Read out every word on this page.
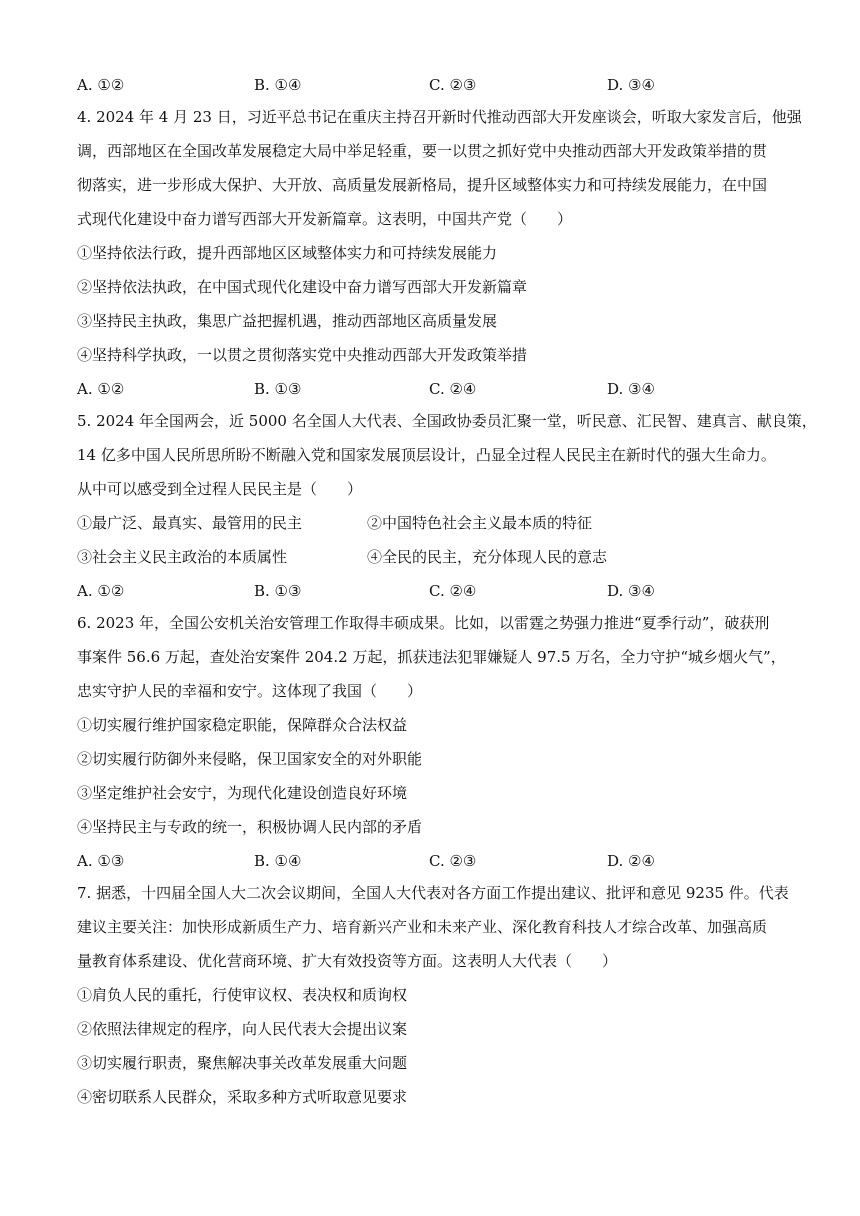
A. ①②	B. ①④	C. ②③	D. ③④
4. 2024 年 4 月 23 日，习近平总书记在重庆主持召开新时代推动西部大开发座谈会，听取大家发言后，他强
调，西部地区在全国改革发展稳定大局中举足轻重，要一以贯之抓好党中央推动西部大开发政策举措的贯
彻落实，进一步形成大保护、大开放、高质量发展新格局，提升区域整体实力和可持续发展能力，在中国
式现代化建设中奋力谱写西部大开发新篇章。这表明，中国共产党（　　）
①坚持依法行政，提升西部地区区域整体实力和可持续发展能力
②坚持依法执政，在中国式现代化建设中奋力谱写西部大开发新篇章
③坚持民主执政，集思广益把握机遇，推动西部地区高质量发展
④坚持科学执政，一以贯之贯彻落实党中央推动西部大开发政策举措
A. ①②	B. ①③	C. ②④	D. ③④
5. 2024 年全国两会，近 5000 名全国人大代表、全国政协委员汇聚一堂，听民意、汇民智、建真言、献良策，
14 亿多中国人民所思所盼不断融入党和国家发展顶层设计，凸显全过程人民民主在新时代的强大生命力。
从中可以感受到全过程人民民主是（　　）
①最广泛、最真实、最管用的民主	②中国特色社会主义最本质的特征
③社会主义民主政治的本质属性	④全民的民主，充分体现人民的意志
A. ①②	B. ①③	C. ②④	D. ③④
6. 2023 年，全国公安机关治安管理工作取得丰硕成果。比如，以雷霆之势强力推进“夏季行动”，破获刑
事案件 56.6 万起，查处治安案件 204.2 万起，抓获违法犯罪嫌疑人 97.5 万名，全力守护“城乡烟火气”，
忠实守护人民的幸福和安宁。这体现了我国（　　）
①切实履行维护国家稳定职能，保障群众合法权益
②切实履行防御外来侵略，保卫国家安全的对外职能
③坚定维护社会安宁，为现代化建设创造良好环境
④坚持民主与专政的统一，积极协调人民内部的矛盾
A. ①③	B. ①④	C. ②③	D. ②④
7. 据悉，十四届全国人大二次会议期间，全国人大代表对各方面工作提出建议、批评和意见 9235 件。代表
建议主要关注：加快形成新质生产力、培育新兴产业和未来产业、深化教育科技人才综合改革、加强高质
量教育体系建设、优化营商环境、扩大有效投资等方面。这表明人大代表（　　）
①肩负人民的重托，行使审议权、表决权和质询权
②依照法律规定的程序，向人民代表大会提出议案
③切实履行职责，聚焦解决事关改革发展重大问题
④密切联系人民群众，采取多种方式听取意见要求
